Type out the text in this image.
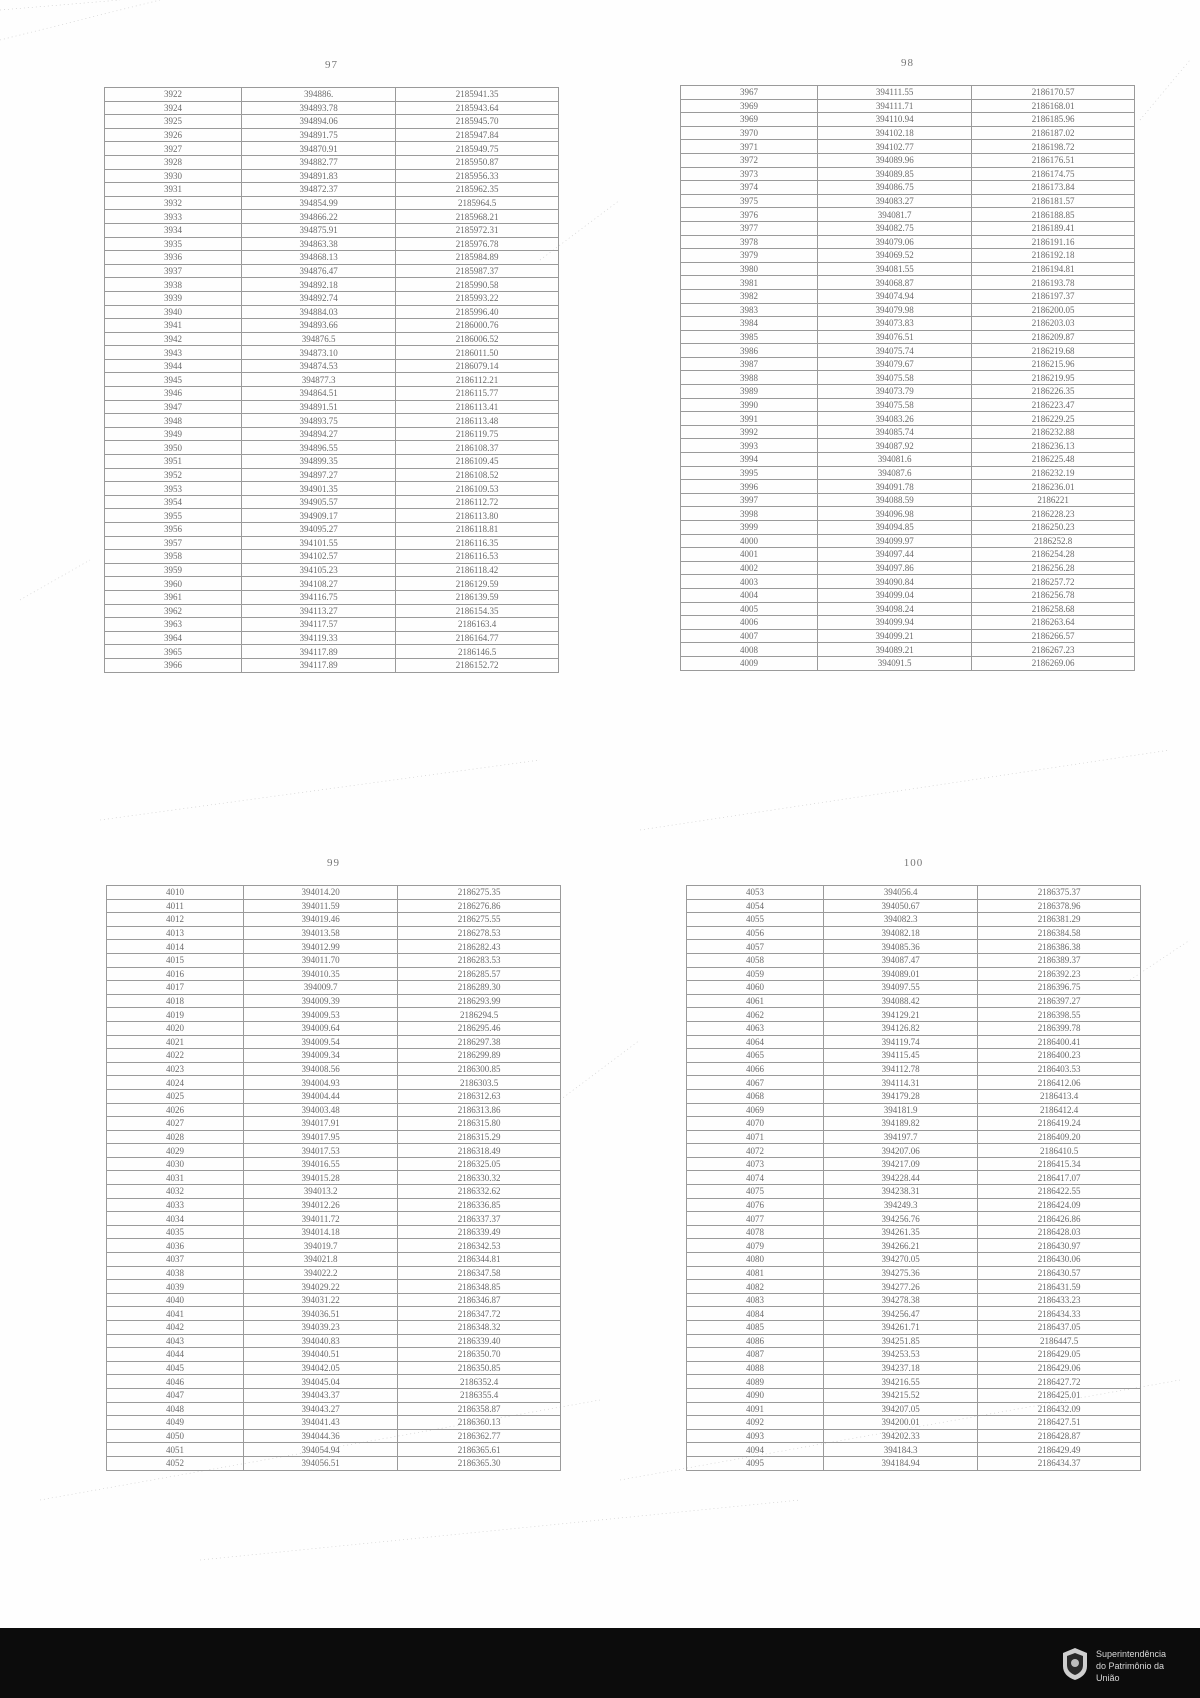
97
3922	394886.	2185941.35
3924	394893.78	2185943.64
3925	394894.06	2185945.70
3926	394891.75	2185947.84
3927	394870.91	2185949.75
3928	394882.77	2185950.87
3930	394891.83	2185956.33
3931	394872.37	2185962.35
3932	394854.99	2185964.5
3933	394866.22	2185968.21
3934	394875.91	2185972.31
3935	394863.38	2185976.78
3936	394868.13	2185984.89
3937	394876.47	2185987.37
3938	394892.18	2185990.58
3939	394892.74	2185993.22
3940	394884.03	2185996.40
3941	394893.66	2186000.76
3942	394876.5	2186006.52
3943	394873.10	2186011.50
3944	394874.53	2186079.14
3945	394877.3	2186112.21
3946	394864.51	2186115.77
3947	394891.51	2186113.41
3948	394893.75	2186113.48
3949	394894.27	2186119.75
3950	394896.55	2186108.37
3951	394899.35	2186109.45
3952	394897.27	2186108.52
3953	394901.35	2186109.53
3954	394905.57	2186112.72
3955	394909.17	2186113.80
3956	394095.27	2186118.81
3957	394101.55	2186116.35
3958	394102.57	2186116.53
3959	394105.23	2186118.42
3960	394108.27	2186129.59
3961	394116.75	2186139.59
3962	394113.27	2186154.35
3963	394117.57	2186163.4
3964	394119.33	2186164.77
3965	394117.89	2186146.5
3966	394117.89	2186152.72
98
3967	394111.55	2186170.57
3969	394111.71	2186168.01
3969	394110.94	2186185.96
3970	394102.18	2186187.02
3971	394102.77	2186198.72
3972	394089.96	2186176.51
3973	394089.85	2186174.75
3974	394086.75	2186173.84
3975	394083.27	2186181.57
3976	394081.7	2186188.85
3977	394082.75	2186189.41
3978	394079.06	2186191.16
3979	394069.52	2186192.18
3980	394081.55	2186194.81
3981	394068.87	2186193.78
3982	394074.94	2186197.37
3983	394079.98	2186200.05
3984	394073.83	2186203.03
3985	394076.51	2186209.87
3986	394075.74	2186219.68
3987	394079.67	2186215.96
3988	394075.58	2186219.95
3989	394073.79	2186226.35
3990	394075.58	2186223.47
3991	394083.26	2186229.25
3992	394085.74	2186232.88
3993	394087.92	2186236.13
3994	394081.6	2186225.48
3995	394087.6	2186232.19
3996	394091.78	2186236.01
3997	394088.59	2186221
3998	394096.98	2186228.23
3999	394094.85	2186250.23
4000	394099.97	2186252.8
4001	394097.44	2186254.28
4002	394097.86	2186256.28
4003	394090.84	2186257.72
4004	394099.04	2186256.78
4005	394098.24	2186258.68
4006	394099.94	2186263.64
4007	394099.21	2186266.57
4008	394089.21	2186267.23
4009	394091.5	2186269.06
99
4010	394014.20	2186275.35
4011	394011.59	2186276.86
4012	394019.46	2186275.55
4013	394013.58	2186278.53
4014	394012.99	2186282.43
4015	394011.70	2186283.53
4016	394010.35	2186285.57
4017	394009.7	2186289.30
4018	394009.39	2186293.99
4019	394009.53	2186294.5
4020	394009.64	2186295.46
4021	394009.54	2186297.38
4022	394009.34	2186299.89
4023	394008.56	2186300.85
4024	394004.93	2186303.5
4025	394004.44	2186312.63
4026	394003.48	2186313.86
4027	394017.91	2186315.80
4028	394017.95	2186315.29
4029	394017.53	2186318.49
4030	394016.55	2186325.05
4031	394015.28	2186330.32
4032	394013.2	2186332.62
4033	394012.26	2186336.85
4034	394011.72	2186337.37
4035	394014.18	2186339.49
4036	394019.7	2186342.53
4037	394021.8	2186344.81
4038	394022.2	2186347.58
4039	394029.22	2186348.85
4040	394031.22	2186346.87
4041	394036.51	2186347.72
4042	394039.23	2186348.32
4043	394040.83	2186339.40
4044	394040.51	2186350.70
4045	394042.05	2186350.85
4046	394045.04	2186352.4
4047	394043.37	2186355.4
4048	394043.27	2186358.87
4049	394041.43	2186360.13
4050	394044.36	2186362.77
4051	394054.94	2186365.61
4052	394056.51	2186365.30
100
4053	394056.4	2186375.37
4054	394050.67	2186378.96
4055	394082.3	2186381.29
4056	394082.18	2186384.58
4057	394085.36	2186386.38
4058	394087.47	2186389.37
4059	394089.01	2186392.23
4060	394097.55	2186396.75
4061	394088.42	2186397.27
4062	394129.21	2186398.55
4063	394126.82	2186399.78
4064	394119.74	2186400.41
4065	394115.45	2186400.23
4066	394112.78	2186403.53
4067	394114.31	2186412.06
4068	394179.28	2186413.4
4069	394181.9	2186412.4
4070	394189.82	2186419.24
4071	394197.7	2186409.20
4072	394207.06	2186410.5
4073	394217.09	2186415.34
4074	394228.44	2186417.07
4075	394238.31	2186422.55
4076	394249.3	2186424.09
4077	394256.76	2186426.86
4078	394261.35	2186428.03
4079	394266.21	2186430.97
4080	394270.05	2186430.06
4081	394275.36	2186430.57
4082	394277.26	2186431.59
4083	394278.38	2186433.23
4084	394256.47	2186434.33
4085	394261.71	2186437.05
4086	394251.85	2186447.5
4087	394253.53	2186429.05
4088	394237.18	2186429.06
4089	394216.55	2186427.72
4090	394215.52	2186425.01
4091	394207.05	2186432.09
4092	394200.01	2186427.51
4093	394202.33	2186428.87
4094	394184.3	2186429.49
4095	394184.94	2186434.37
Superintendência
do Patrimônio da União
